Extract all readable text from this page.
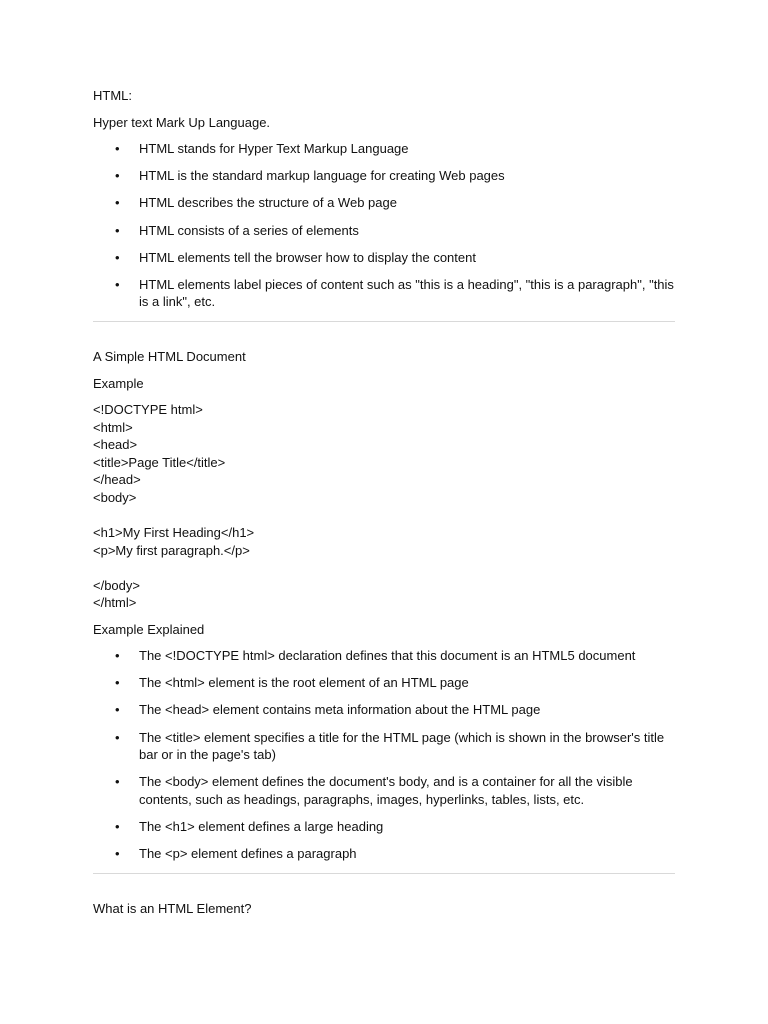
HTML:

Hyper text Mark Up Language.

• HTML stands for Hyper Text Markup Language
• HTML is the standard markup language for creating Web pages
• HTML describes the structure of a Web page
• HTML consists of a series of elements
• HTML elements tell the browser how to display the content
• HTML elements label pieces of content such as "this is a heading", "this is a paragraph", "this is a link", etc.

A Simple HTML Document

Example

<!DOCTYPE html>
<html>
<head>
<title>Page Title</title>
</head>
<body>
<h1>My First Heading</h1>
<p>My first paragraph.</p>
</body>
</html>

Example Explained

• The <!DOCTYPE html> declaration defines that this document is an HTML5 document
• The <html> element is the root element of an HTML page
• The <head> element contains meta information about the HTML page
• The <title> element specifies a title for the HTML page (which is shown in the browser's title bar or in the page's tab)
• The <body> element defines the document's body, and is a container for all the visible contents, such as headings, paragraphs, images, hyperlinks, tables, lists, etc.
• The <h1> element defines a large heading
• The <p> element defines a paragraph

What is an HTML Element?
